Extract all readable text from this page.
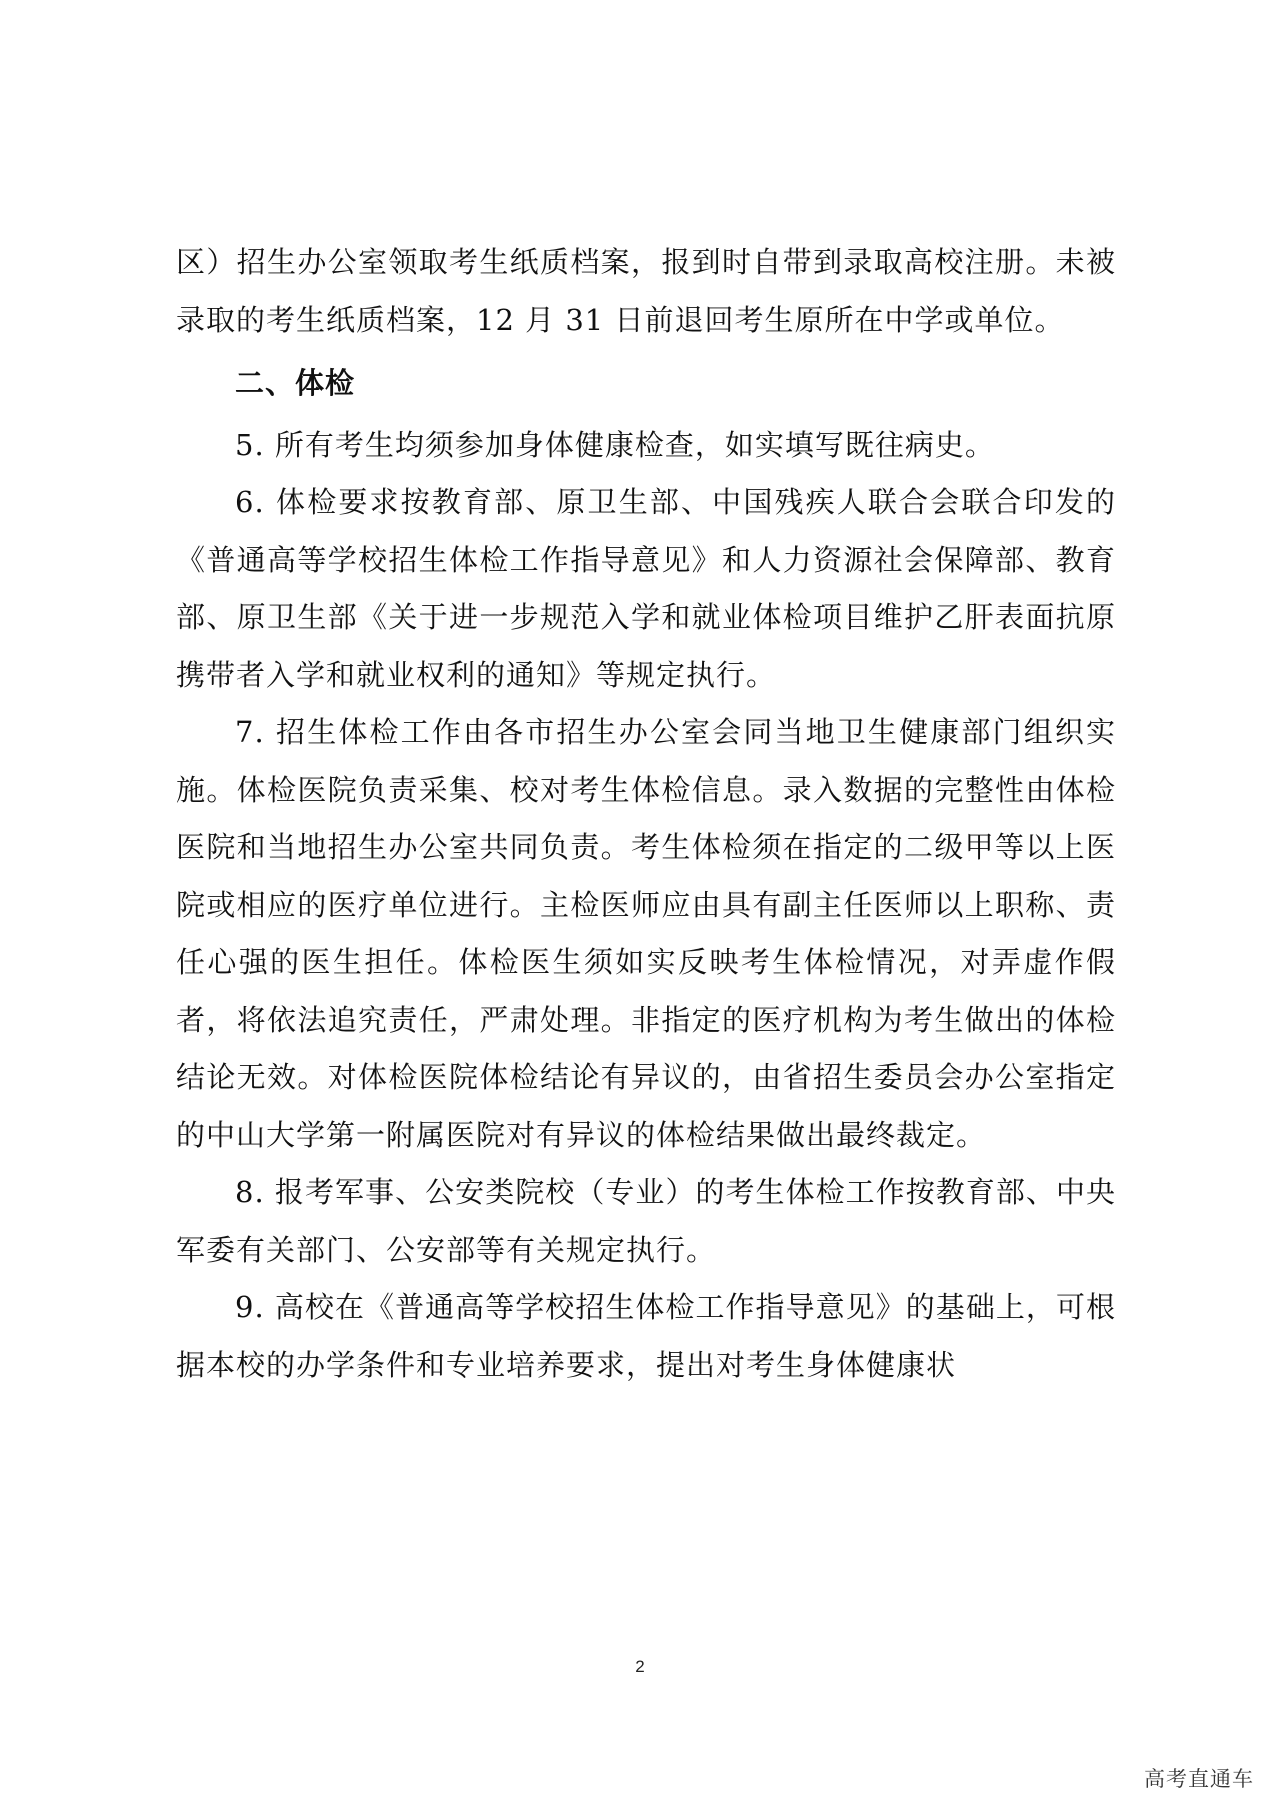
区）招生办公室领取考生纸质档案，报到时自带到录取高校注册。未被录取的考生纸质档案，12 月 31 日前退回考生原所在中学或单位。

二、体检

5. 所有考生均须参加身体健康检查，如实填写既往病史。

6. 体检要求按教育部、原卫生部、中国残疾人联合会联合印发的《普通高等学校招生体检工作指导意见》和人力资源社会保障部、教育部、原卫生部《关于进一步规范入学和就业体检项目维护乙肝表面抗原携带者入学和就业权利的通知》等规定执行。

7. 招生体检工作由各市招生办公室会同当地卫生健康部门组织实施。体检医院负责采集、校对考生体检信息。录入数据的完整性由体检医院和当地招生办公室共同负责。考生体检须在指定的二级甲等以上医院或相应的医疗单位进行。主检医师应由具有副主任医师以上职称、责任心强的医生担任。体检医生须如实反映考生体检情况，对弄虚作假者，将依法追究责任，严肃处理。非指定的医疗机构为考生做出的体检结论无效。对体检医院体检结论有异议的，由省招生委员会办公室指定的中山大学第一附属医院对有异议的体检结果做出最终裁定。

8. 报考军事、公安类院校（专业）的考生体检工作按教育部、中央军委有关部门、公安部等有关规定执行。

9. 高校在《普通高等学校招生体检工作指导意见》的基础上，可根据本校的办学条件和专业培养要求，提出对考生身体健康状

2
高考直通车
